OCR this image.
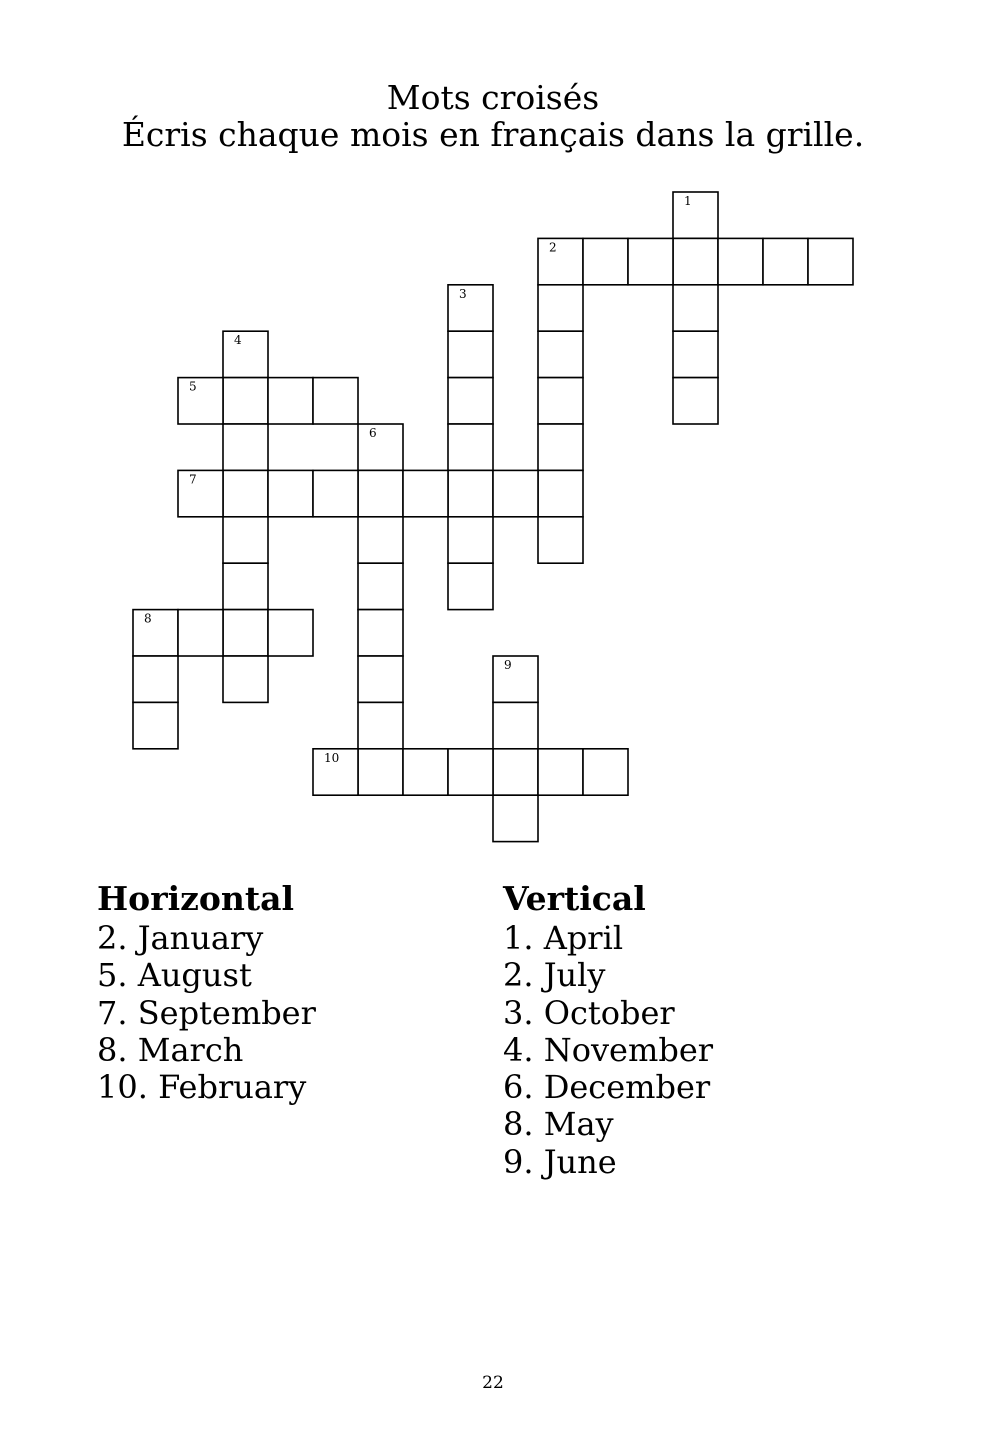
Mots croisés
Écris chaque mois en français dans la grille.
1
2
3
4
5
6
7
8
9
10
Horizontal
2. January
5. August
7. September
8. March
10. February
Vertical
1. April
2. July
3. October
4. November
6. December
8. May
9. June
22
